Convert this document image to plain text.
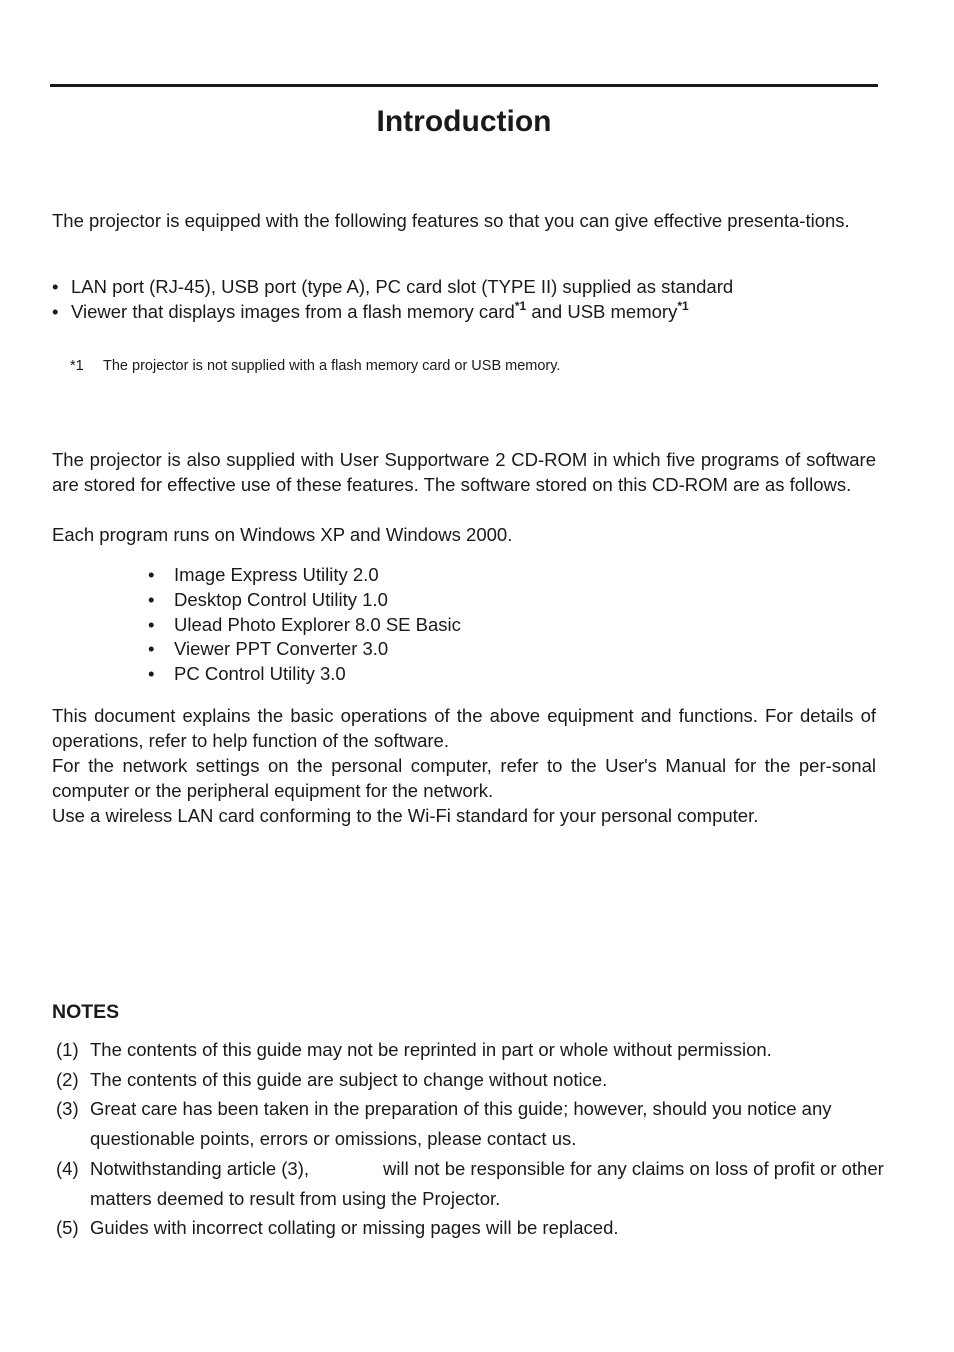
Introduction

The projector is equipped with the following features so that you can give effective presenta-tions.

• LAN port (RJ-45), USB port (type A), PC card slot (TYPE II) supplied as standard
• Viewer that displays images from a flash memory card$^{*1}$ and USB memory$^{*1}$
*1 The projector is not supplied with a flash memory card or USB memory.

The projector is also supplied with User Supportware 2 CD-ROM in which five programs of software are stored for effective use of these features. The software stored on this CD-ROM are as follows.

Each program runs on Windows XP and Windows 2000.

• Image Express Utility 2.0
• Desktop Control Utility 1.0
• Ulead Photo Explorer 8.0 SE Basic
• Viewer PPT Converter 3.0
• PC Control Utility 3.0

This document explains the basic operations of the above equipment and functions. For details of operations, refer to help function of the software.

For the network settings on the personal computer, refer to the User's Manual for the per-sonal computer or the peripheral equipment for the network.

Use a wireless LAN card conforming to the Wi-Fi standard for your personal computer.

NOTES
(1) The contents of this guide may not be reprinted in part or whole without permission.
(2) The contents of this guide are subject to change without notice.
(3) Great care has been taken in the preparation of this guide; however, should you notice any questionable points, errors or omissions, please contact us.
(4) Notwithstanding article (3),	will not be responsible for any claims on loss of profit or other matters deemed to result from using the Projector.
(5) Guides with incorrect collating or missing pages will be replaced.
